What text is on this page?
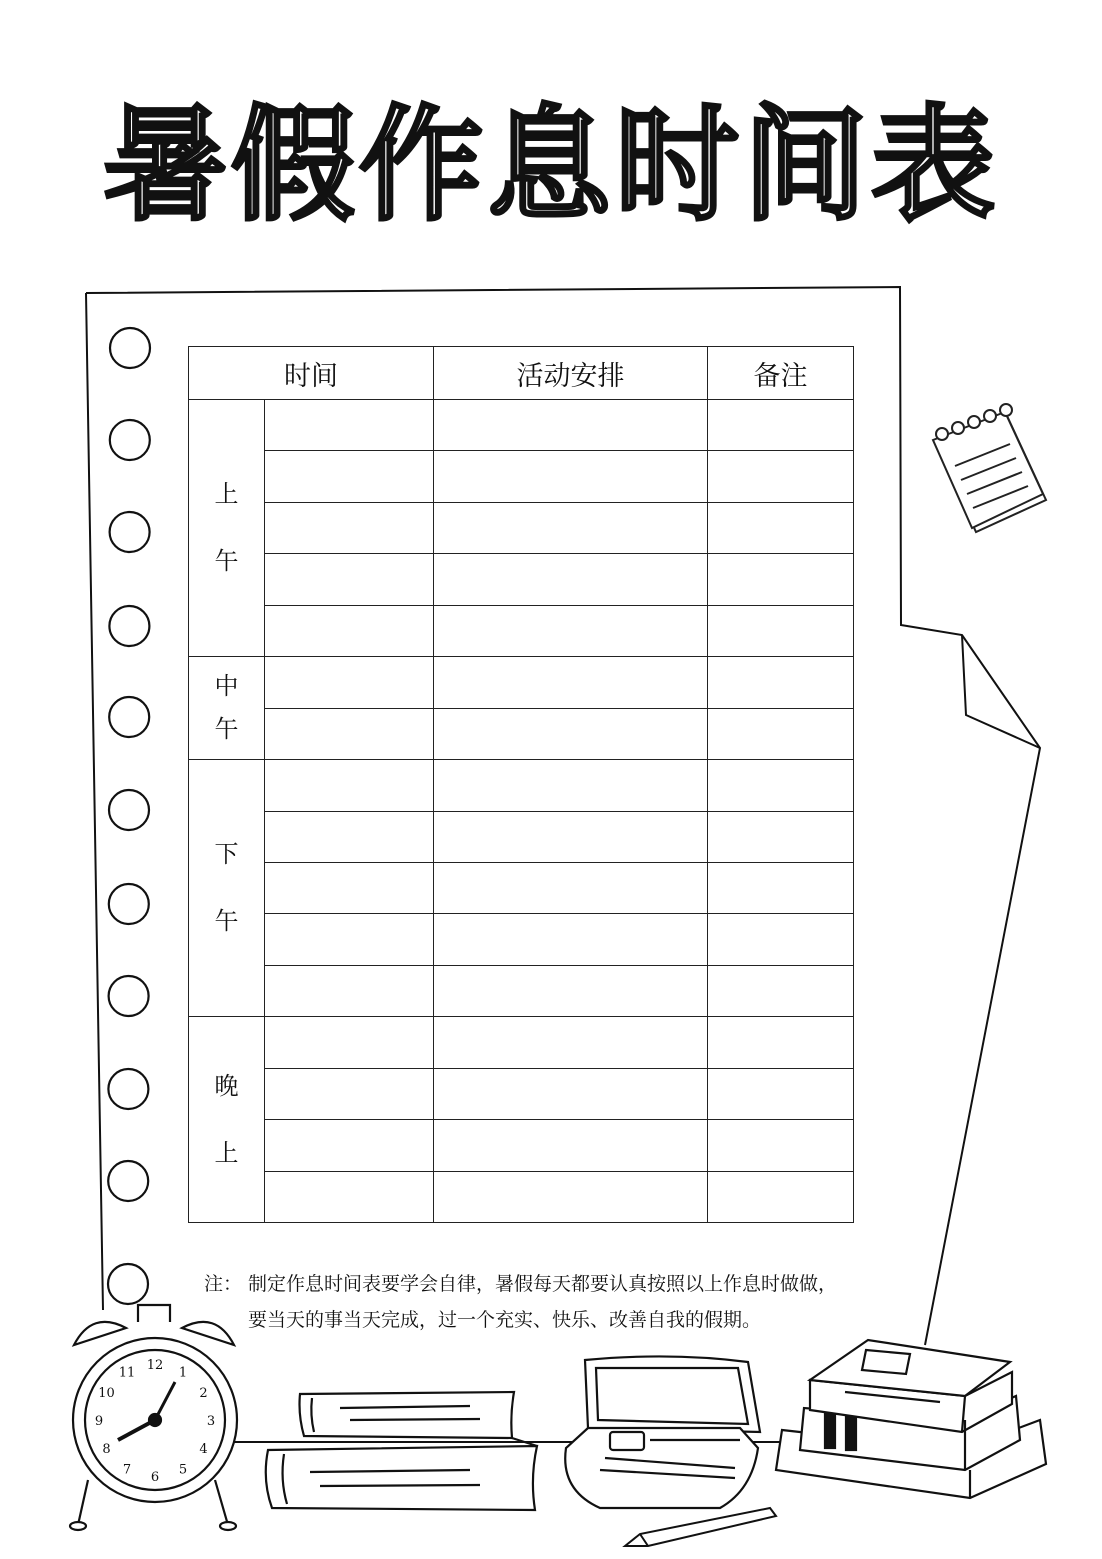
12 1
2
3
4
5
6
7
8
9
10
11
暑假作息时间表
时间		活动安排	备注

上
午			

中
午			

下
午			

晚
上			

注： 制定作息时间表要学会自律，暑假每天都要认真按照以上作息时做做，要当天的事当天完成，过一个充实、快乐、改善自我的假期。
